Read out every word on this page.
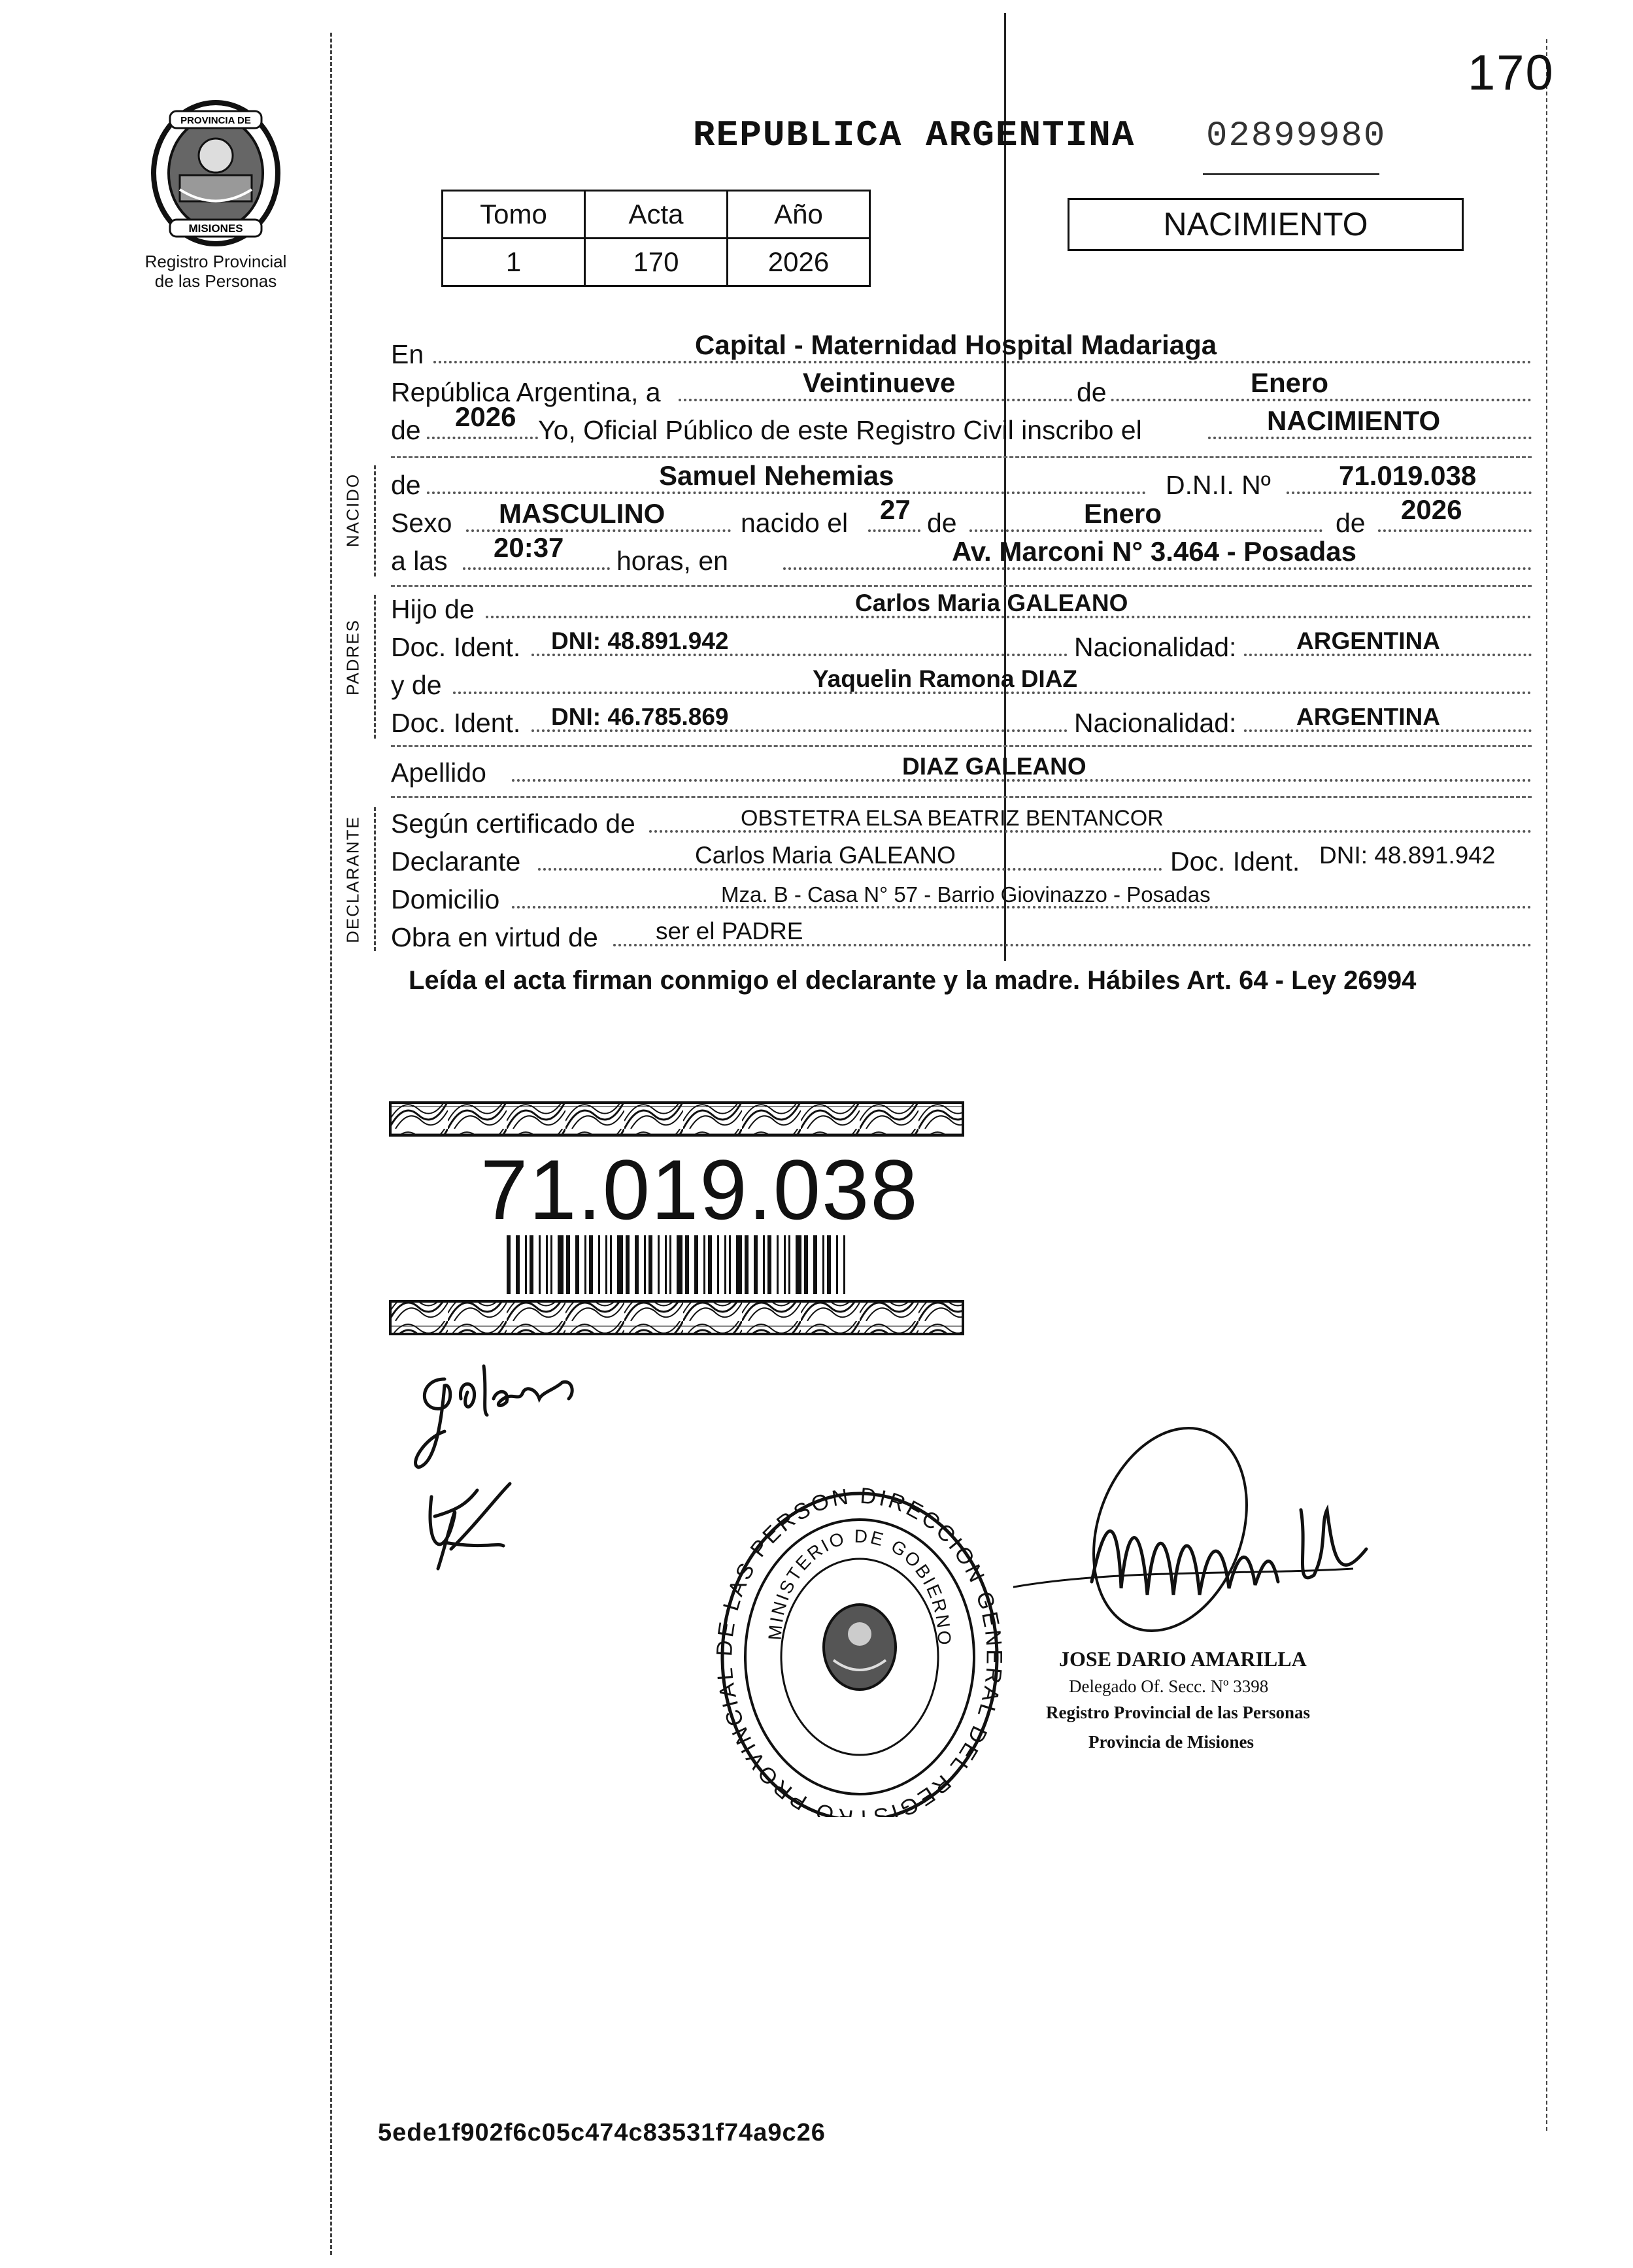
170
PROVINCIA DE
MISIONES
Registro Provincial
de las Personas
REPUBLICA ARGENTINA 02899980
Tomo	Acta	Año
1	170	2026
NACIMIENTO
En	Capital - Maternidad Hospital Madariaga
República Argentina, a	Veintinueve	de	Enero
de 2026 Yo, Oficial Público de este Registro Civil inscribo el	NACIMIENTO
NACIDO de	Samuel Nehemias	D.N.I. Nº 71.019.038
Sexo MASCULINO	nacido el 27 de	Enero	de 2026
a las 20:37 horas, en	Av. Marconi N° 3.464 - Posadas
PADRES
Hijo de	Carlos Maria GALEANO
Doc. Ident. DNI: 48.891.942	Nacionalidad: ARGENTINA
y de	Yaquelin Ramona DIAZ
Doc. Ident. DNI: 46.785.869	Nacionalidad: ARGENTINA
Apellido	DIAZ GALEANO
DECLARANTE Según certificado de	OBSTETRA ELSA BEATRIZ BENTANCOR
Declarante	Carlos Maria GALEANO	Doc. Ident. DNI: 48.891.942
Domicilio	Mza. B - Casa N° 57 - Barrio Giovinazzo - Posadas
Obra en virtud de ser el PADRE
Leída el acta firman conmigo el declarante y la madre. Hábiles Art. 64 - Ley 26994
71.019.038
DIRECCION GE AL DEL REGIS RO PROVINCIA E LAS PERSON
MINISTERIO DE GOBIERNO
JOSE DARIO AMARILLA
Delegado Of. Secc. Nº 3398
Registro Provincial de las Personas
Provincia de Misiones
5ede1f902f6c05c474c83531f74a9c26
